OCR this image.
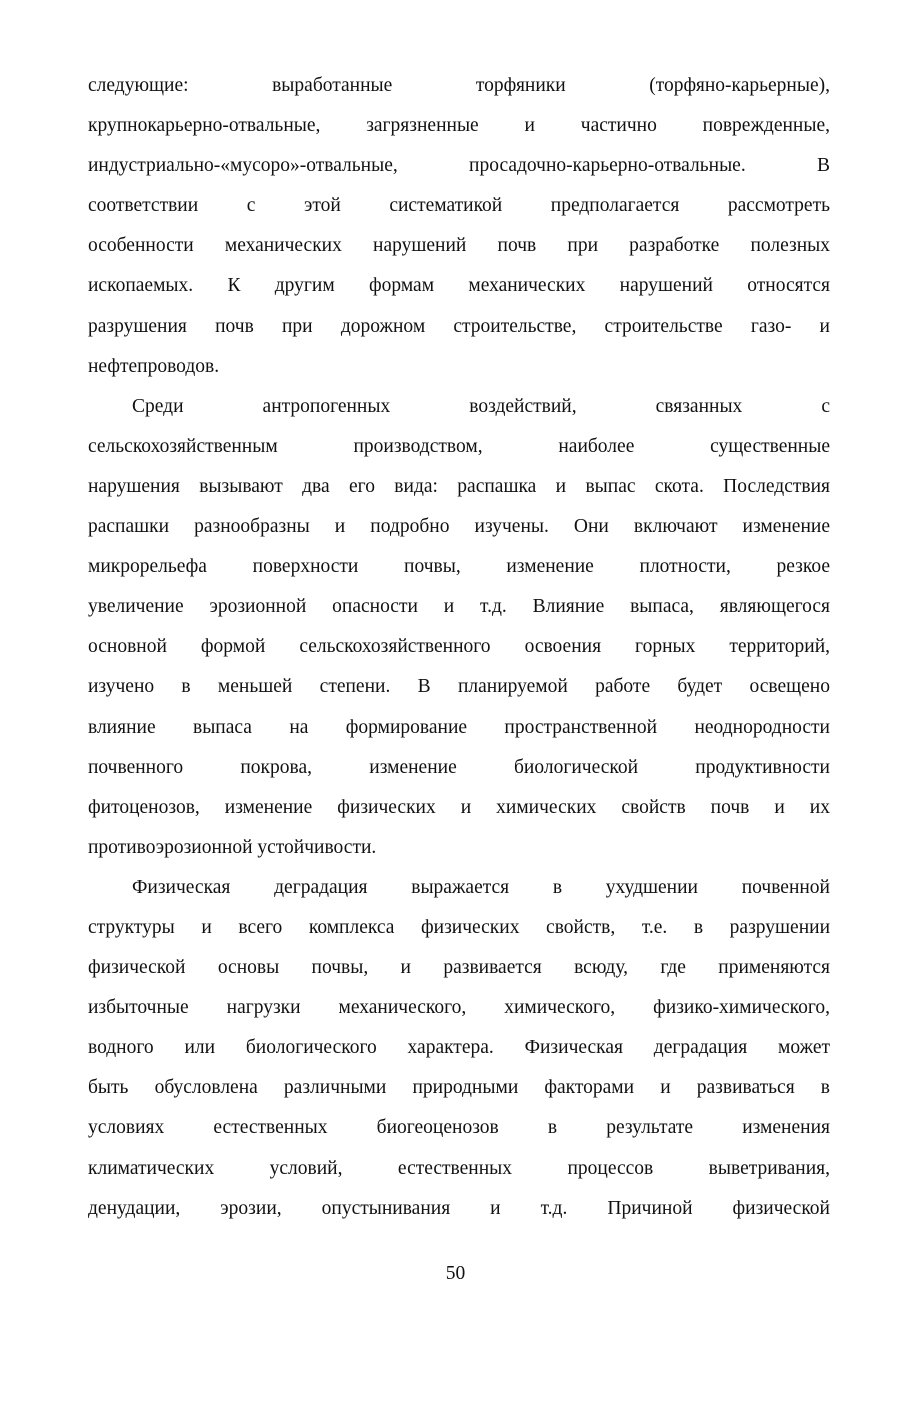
следующие: выработанные торфяники (торфяно-карьерные),
крупнокарьерно-отвальные, загрязненные и частично поврежденные,
индустриально-«мусоро»-отвальные, просадочно-карьерно-отвальные. В
соответствии с этой систематикой предполагается рассмотреть
особенности механических нарушений почв при разработке полезных
ископаемых. К другим формам механических нарушений относятся
разрушения почв при дорожном строительстве, строительстве газо- и
нефтепроводов.
Среди антропогенных воздействий, связанных с
сельскохозяйственным производством, наиболее существенные
нарушения вызывают два его вида: распашка и выпас скота. Последствия
распашки разнообразны и подробно изучены. Они включают изменение
микрорельефа поверхности почвы, изменение плотности, резкое
увеличение эрозионной опасности и т.д. Влияние выпаса, являющегося
основной формой сельскохозяйственного освоения горных территорий,
изучено в меньшей степени. В планируемой работе будет освещено
влияние выпаса на формирование пространственной неоднородности
почвенного покрова, изменение биологической продуктивности
фитоценозов, изменение физических и химических свойств почв и их
противоэрозионной устойчивости.
Физическая деградация выражается в ухудшении почвенной
структуры и всего комплекса физических свойств, т.е. в разрушении
физической основы почвы, и развивается всюду, где применяются
избыточные нагрузки механического, химического, физико-химического,
водного или биологического характера. Физическая деградация может
быть обусловлена различными природными факторами и развиваться в
условиях естественных биогеоценозов в результате изменения
климатических условий, естественных процессов выветривания,
денудации, эрозии, опустынивания и т.д. Причиной физической
50
